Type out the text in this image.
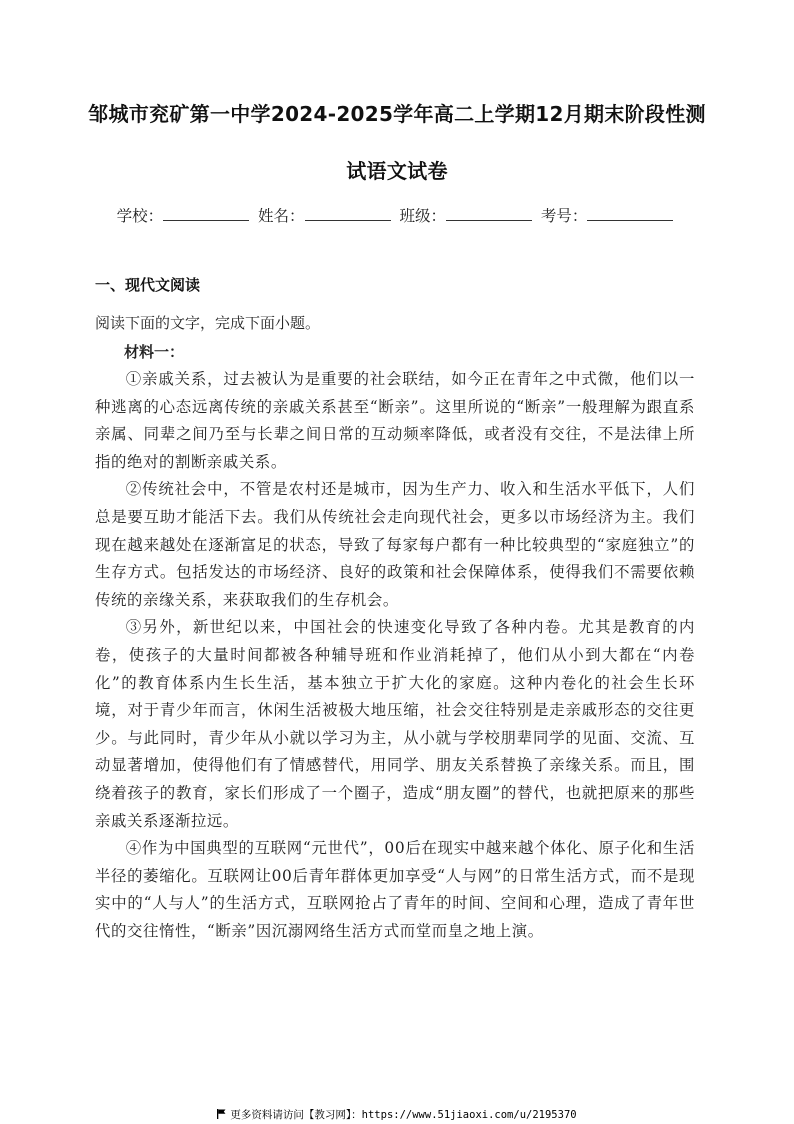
邹城市兖矿第一中学2024-2025学年高二上学期12月期末阶段性测
试语文试卷
学校：	姓名：	班级：	考号：
一、现代文阅读
阅读下面的文字，完成下面小题。
材料一：

①亲戚关系，过去被认为是重要的社会联结，如今正在青年之中式微，他们以一种逃离的心态远离传统的亲戚关系甚至“断亲”。这里所说的“断亲”一般理解为跟直系亲属、同辈之间乃至与长辈之间日常的互动频率降低，或者没有交往，不是法律上所指的绝对的割断亲戚关系。

②传统社会中，不管是农村还是城市，因为生产力、收入和生活水平低下，人们总是要互助才能活下去。我们从传统社会走向现代社会，更多以市场经济为主。我们现在越来越处在逐渐富足的状态，导致了每家每户都有一种比较典型的“家庭独立”的生存方式。包括发达的市场经济、良好的政策和社会保障体系，使得我们不需要依赖传统的亲缘关系，来获取我们的生存机会。

③另外，新世纪以来，中国社会的快速变化导致了各种内卷。尤其是教育的内卷，使孩子的大量时间都被各种辅导班和作业消耗掉了，他们从小到大都在“内卷化”的教育体系内生长生活，基本独立于扩大化的家庭。这种内卷化的社会生长环境，对于青少年而言，休闲生活被极大地压缩，社会交往特别是走亲戚形态的交往更少。与此同时，青少年从小就以学习为主，从小就与学校朋辈同学的见面、交流、互动显著增加，使得他们有了情感替代，用同学、朋友关系替换了亲缘关系。而且，围绕着孩子的教育，家长们形成了一个圈子，造成“朋友圈”的替代，也就把原来的那些亲戚关系逐渐拉远。

④作为中国典型的互联网“元世代”，00后在现实中越来越个体化、原子化和生活半径的萎缩化。互联网让00后青年群体更加享受“人与网”的日常生活方式，而不是现实中的“人与人”的生活方式，互联网抢占了青年的时间、空间和心理，造成了青年世代的交往惰性，“断亲”因沉溺网络生活方式而堂而皇之地上演。

更多资料请访问【教习网】：https://www.51jiaoxi.com/u/2195370
